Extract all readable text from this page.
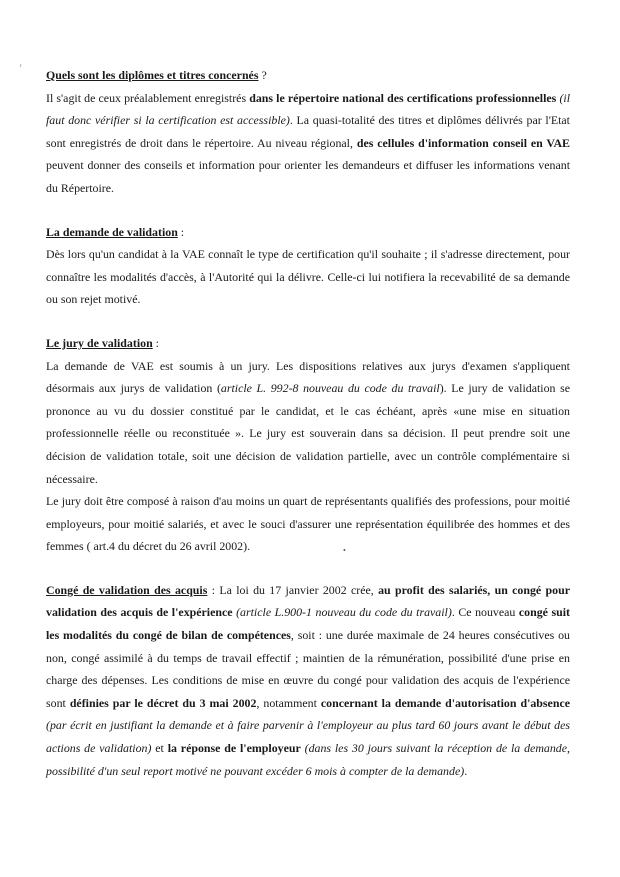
ᵗ
Quels sont les diplômes et titres concernés ?

Il s'agit de ceux préalablement enregistrés dans le répertoire national des certifications professionnelles (il faut donc vérifier si la certification est accessible). La quasi-totalité des titres et diplômes délivrés par l'Etat sont enregistrés de droit dans le répertoire. Au niveau régional, des cellules d'information conseil en VAE peuvent donner des conseils et information pour orienter les demandeurs et diffuser les informations venant du Répertoire.

La demande de validation :

Dès lors qu'un candidat à la VAE connaît le type de certification qu'il souhaite ; il s'adresse directement, pour connaître les modalités d'accès, à l'Autorité qui la délivre. Celle-ci lui notifiera la recevabilité de sa demande ou son rejet motivé.

Le jury de validation :

La demande de VAE est soumis à un jury. Les dispositions relatives aux jurys d'examen s'appliquent désormais aux jurys de validation (article L. 992-8 nouveau du code du travail). Le jury de validation se prononce au vu du dossier constitué par le candidat, et le cas échéant, après «une mise en situation professionnelle réelle ou reconstituée ». Le jury est souverain dans sa décision. Il peut prendre soit une décision de validation totale, soit une décision de validation partielle, avec un contrôle complémentaire si nécessaire.

Le jury doit être composé à raison d'au moins un quart de représentants qualifiés des professions, pour moitié employeurs, pour moitié salariés, et avec le souci d'assurer une représentation équilibrée des hommes et des femmes ( art.4 du décret du 26 avril 2002).

Congé de validation des acquis : La loi du 17 janvier 2002 crée, au profit des salariés, un congé pour validation des acquis de l'expérience (article L.900-1 nouveau du code du travail). Ce nouveau congé suit les modalités du congé de bilan de compétences, soit : une durée maximale de 24 heures consécutives ou non, congé assimilé à du temps de travail effectif ; maintien de la rémunération, possibilité d'une prise en charge des dépenses. Les conditions de mise en œuvre du congé pour validation des acquis de l'expérience sont définies par le décret du 3 mai 2002, notamment concernant la demande d'autorisation d'absence (par écrit en justifiant la demande et à faire parvenir à l'employeur au plus tard 60 jours avant le début des actions de validation) et la réponse de l'employeur (dans les 30 jours suivant la réception de la demande, possibilité d'un seul report motivé ne pouvant excéder 6 mois à compter de la demande).

•
